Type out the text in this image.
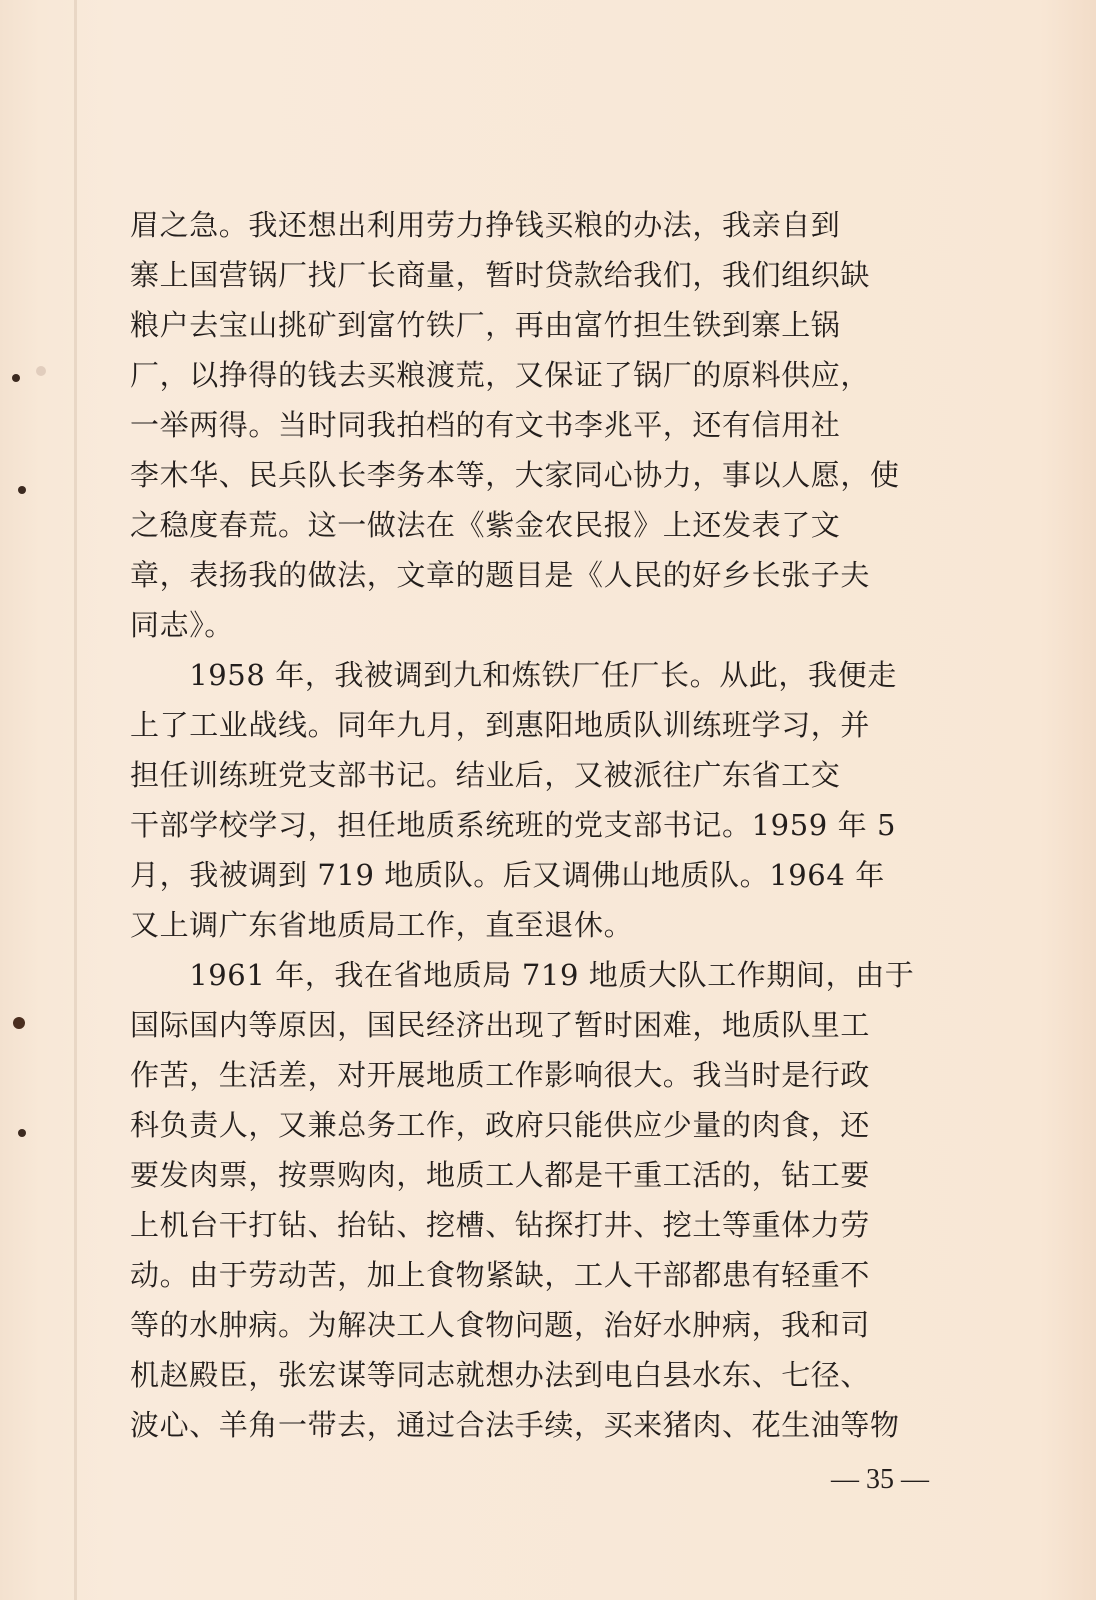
眉之急。我还想出利用劳力挣钱买粮的办法，我亲自到
寨上国营锅厂找厂长商量，暂时贷款给我们，我们组织缺
粮户去宝山挑矿到富竹铁厂，再由富竹担生铁到寨上锅
厂，以挣得的钱去买粮渡荒，又保证了锅厂的原料供应，
一举两得。当时同我拍档的有文书李兆平，还有信用社
李木华、民兵队长李务本等，大家同心协力，事以人愿，使
之稳度春荒。这一做法在《紫金农民报》上还发表了文
章，表扬我的做法，文章的题目是《人民的好乡长张子夫
同志》。
　　1958 年，我被调到九和炼铁厂任厂长。从此，我便走
上了工业战线。同年九月，到惠阳地质队训练班学习，并
担任训练班党支部书记。结业后，又被派往广东省工交
干部学校学习，担任地质系统班的党支部书记。1959 年 5
月，我被调到 719 地质队。后又调佛山地质队。1964 年
又上调广东省地质局工作，直至退休。
　　1961 年，我在省地质局 719 地质大队工作期间，由于
国际国内等原因，国民经济出现了暂时困难，地质队里工
作苦，生活差，对开展地质工作影响很大。我当时是行政
科负责人，又兼总务工作，政府只能供应少量的肉食，还
要发肉票，按票购肉，地质工人都是干重工活的，钻工要
上机台干打钻、抬钻、挖槽、钻探打井、挖土等重体力劳
动。由于劳动苦，加上食物紧缺，工人干部都患有轻重不
等的水肿病。为解决工人食物问题，治好水肿病，我和司
机赵殿臣，张宏谋等同志就想办法到电白县水东、七径、
波心、羊角一带去，通过合法手续，买来猪肉、花生油等物
— 35 —
